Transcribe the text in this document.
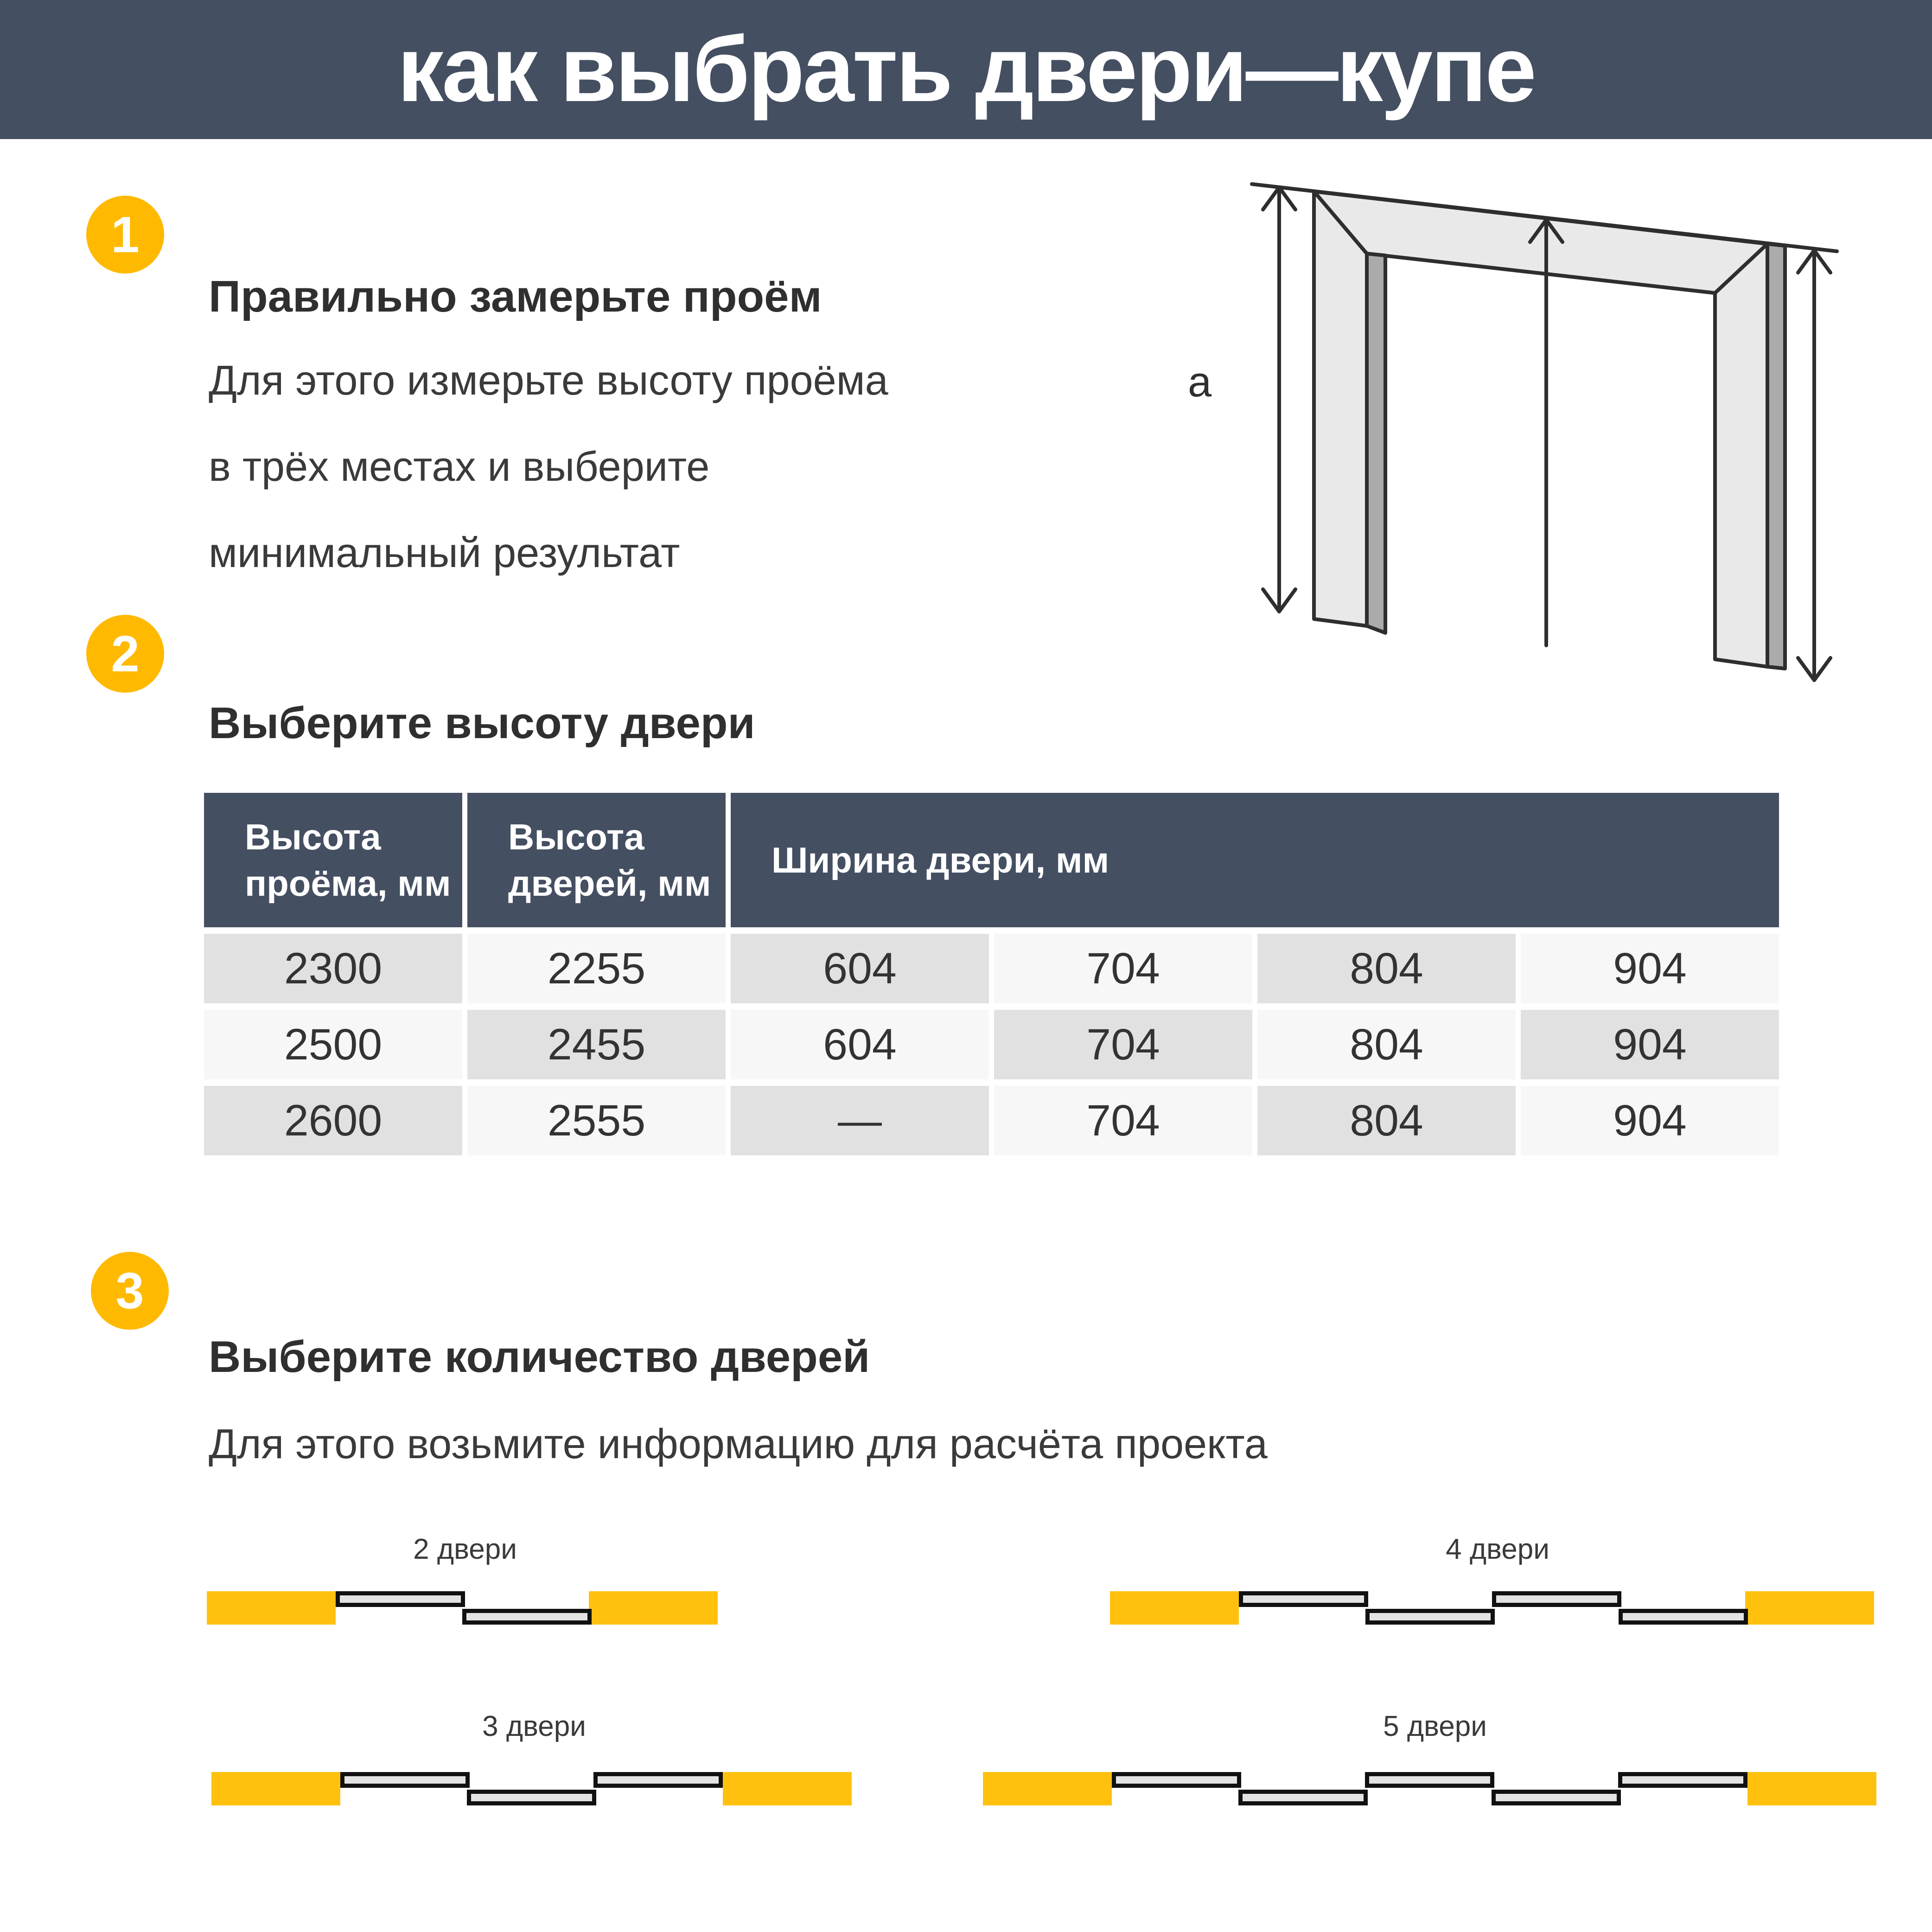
как выбрать двери—купе
1
Правильно замерьте проём
Для этого измерьте высоту проёма
в трёх местах и выберите
минимальный результат
а
2
Выберите высоту двери
Высота
проёма, мм
Высота
дверей, мм
Ширина двери, мм
2300	2255	604	704	804	904
2500	2455	604	704	804	904
2600	2555	—	704	804	904
3
Выберите количество дверей
Для этого возьмите информацию для расчёта проекта
2 двери	4 двери
3 двери	5 двери
